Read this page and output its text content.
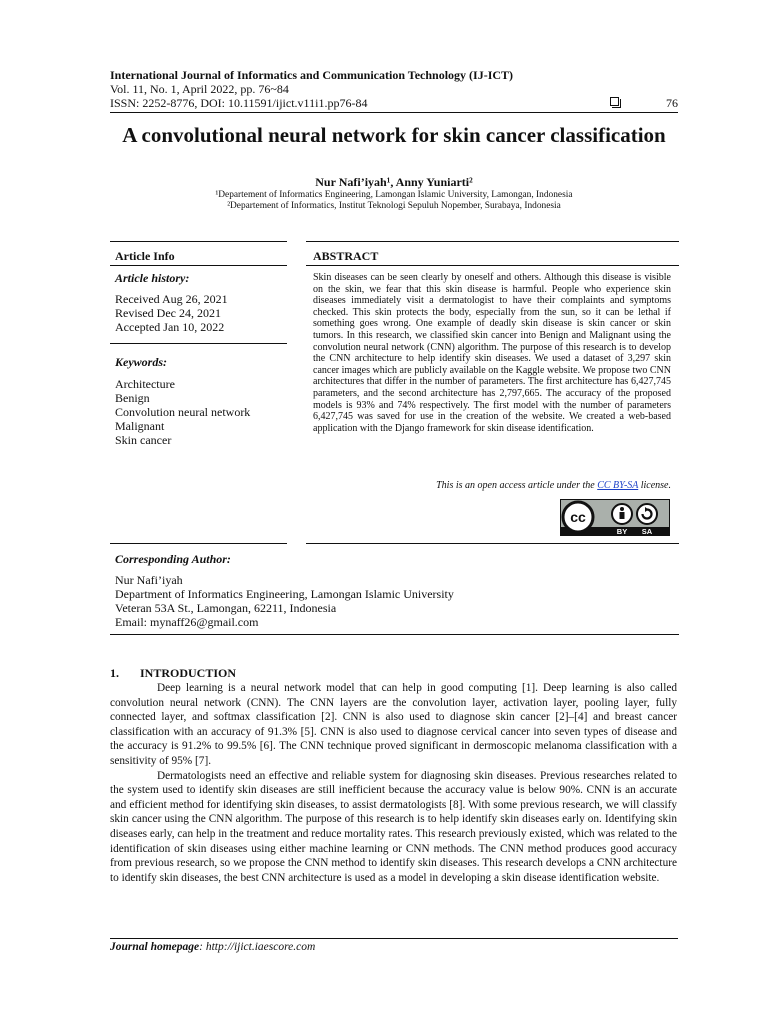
International Journal of Informatics and Communication Technology (IJ-ICT)
Vol. 11, No. 1, April 2022, pp. 76~84
ISSN: 2252-8776, DOI: 10.11591/ijict.v11i1.pp76-84	76
A convolutional neural network for skin cancer classification
Nur Nafi’iyah¹, Anny Yuniarti²
¹Departement of Informatics Engineering, Lamongan Islamic University, Lamongan, Indonesia
²Departement of Informatics, Institut Teknologi Sepuluh Nopember, Surabaya, Indonesia
Article Info
Article history:
Received Aug 26, 2021
Revised Dec 24, 2021
Accepted Jan 10, 2022
Keywords:
Architecture
Benign
Convolution neural network
Malignant
Skin cancer
ABSTRACT
Skin diseases can be seen clearly by oneself and others. Although this disease is visible on the skin, we fear that this skin disease is harmful. People who experience skin diseases immediately visit a dermatologist to have their complaints and symptoms checked. This skin protects the body, especially from the sun, so it can be lethal if something goes wrong. One example of deadly skin disease is skin cancer or skin tumors. In this research, we classified skin cancer into Benign and Malignant using the convolution neural network (CNN) algorithm. The purpose of this research is to develop the CNN architecture to help identify skin diseases. We used a dataset of 3,297 skin cancer images which are publicly available on the Kaggle website. We propose two CNN architectures that differ in the number of parameters. The first architecture has 6,427,745 parameters, and the second architecture has 2,797,665. The accuracy of the proposed models is 93% and 74% respectively. The first model with the number of parameters 6,427,745 was saved for use in the creation of the website. We created a web-based application with the Django framework for skin disease identification.
This is an open access article under the CC BY-SA license.
cc
BY SA
Corresponding Author:
Nur Nafi’iyah
Department of Informatics Engineering, Lamongan Islamic University
Veteran 53A St., Lamongan, 62211, Indonesia
Email: mynaff26@gmail.com
1.       INTRODUCTION

Deep learning is a neural network model that can help in good computing [1]. Deep learning is also called convolution neural network (CNN). The CNN layers are the convolution layer, activation layer, pooling layer, fully connected layer, and softmax classification [2]. CNN is also used to diagnose skin cancer [2]‒[4] and breast cancer classification with an accuracy of 91.3% [5]. CNN is also used to diagnose cervical cancer into seven types of disease and the accuracy is 91.2% to 99.5% [6]. The CNN technique proved significant in dermoscopic melanoma classification with a sensitivity of 95% [7].

Dermatologists need an effective and reliable system for diagnosing skin diseases. Previous researches related to the system used to identify skin diseases are still inefficient because the accuracy value is below 90%. CNN is an accurate and efficient method for identifying skin diseases, to assist dermatologists [8]. With some previous research, we will classify skin cancer using the CNN algorithm. The purpose of this research is to help identify skin diseases early on. Identifying skin diseases early, can help in the treatment and reduce mortality rates. This research previously existed, which was related to the identification of skin diseases using either machine learning or CNN methods. The CNN method produces good accuracy from previous research, so we propose the CNN method to identify skin diseases. This research develops a CNN architecture to identify skin diseases, the best CNN architecture is used as a model in developing a skin disease identification website.

Journal homepage: http://ijict.iaescore.com
